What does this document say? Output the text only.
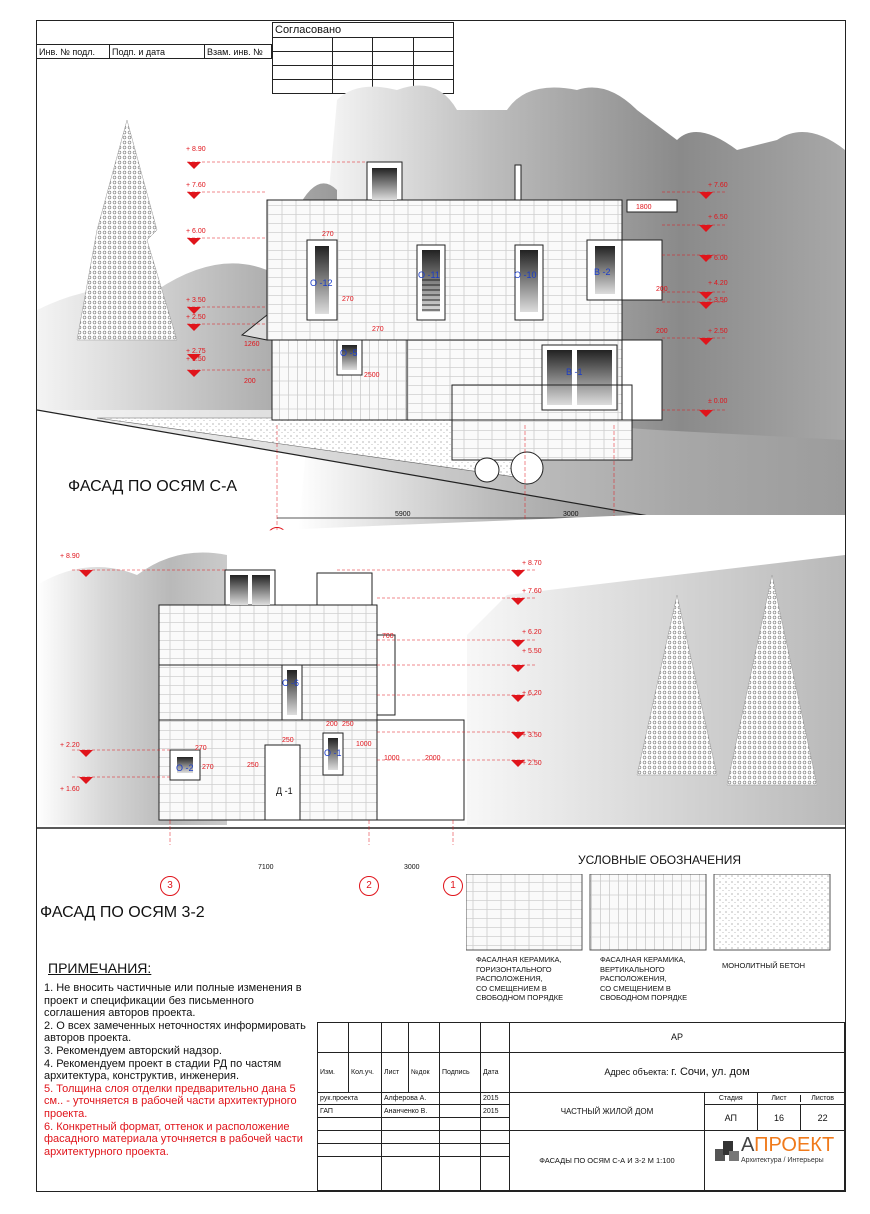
Согласовано			

Инв. № подл.	Подп. и дата	Взам. инв. №
+ 8.90
+ 7.60
+ 6.00
+ 3.50
+ 2.50
+ 2.75
+ 1.50
+ 7.60
+ 6.50
+ 6.00
+ 4.20
+ 3.50
+ 2.50
± 0.00
О -12
О -11	О -10	В -2
О -5
В -1
270
270
270
1260
200
2500
200
200
1800
5900	3000
ФАСАД ПО ОСЯМ С-А
+ 8.90
+ 2.20
+ 1.60
+ 8.70
+ 7.60
+ 6.20
+ 5.50
+ 6.20
+ 3.50
+ 2.50
С -6
О -1
О -2
Д -1
700
200 250
250
250
270
270
1000
1000	2000
7100	3000
3	2	1
ФАСАД ПО ОСЯМ 3-2
УСЛОВНЫЕ ОБОЗНАЧЕНИЯ
ФАСАЛНАЯ КЕРАМИКА,
ГОРИЗОНТАЛЬНОГО
РАСПОЛОЖЕНИЯ,
СО СМЕЩЕНИЕМ В
СВОБОДНОМ ПОРЯДКЕ
ФАСАЛНАЯ КЕРАМИКА,
ВЕРТИКАЛЬНОГО
РАСПОЛОЖЕНИЯ,
СО СМЕЩЕНИЕМ В
СВОБОДНОМ ПОРЯДКЕ
МОНОЛИТНЫЙ БЕТОН
ПРИМЕЧАНИЯ:
1. Не вносить частичные или полные изменения в проект и спецификации без письменного соглашения авторов проекта.
2. О всех замеченных неточностях информировать авторов проекта.
3. Рекомендуем авторский надзор.
4. Рекомендуем проект в стадии РД по частям архитектура, конструктив, инженерия.
5. Толщина слоя отделки предварительно дана 5 см.. - уточняется в рабочей части архитектурного проекта.
6. Конкретный формат, оттенок и расположение фасадного материала уточняется в рабочей части архитектурного проекта.
						АР
Изм.	Кол.уч.	Лист	№док	Подпись	Дата	Адрес объекта: г. Сочи, ул. дом
рук.проекта	Алферова А.		2015	ЧАСТНЫЙ ЖИЛОЙ ДОМ	Стадия		Лист	Листов

ГАП	Ананченко В.		2015	АП		16	22

				ФАСАДЫ ПО ОСЯМ С-А И 3-2 М 1:100	
АПРОЕКТ
Архитектура / Интерьеры
